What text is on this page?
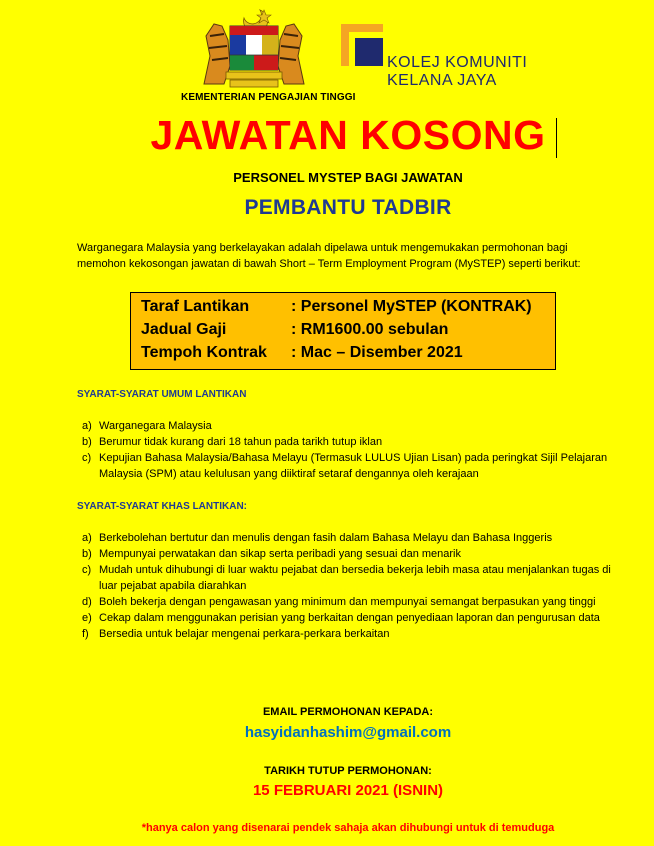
KEMENTERIAN PENGAJIAN TINGGI
KOLEJ KOMUNITI
KELANA JAYA
JAWATAN KOSONG
PERSONEL MYSTEP BAGI JAWATAN
PEMBANTU TADBIR
Warganegara Malaysia yang berkelayakan adalah dipelawa untuk mengemukakan permohonan bagi memohon kekosongan jawatan di bawah Short – Term Employment Program (MySTEP) seperti berikut:
Taraf Lantikan	: Personel MySTEP (KONTRAK)
Jadual Gaji	: RM1600.00 sebulan
Tempoh Kontrak : Mac – Disember 2021
SYARAT-SYARAT UMUM LANTIKAN
a) Warganegara Malaysia
b) Berumur tidak kurang dari 18 tahun pada tarikh tutup iklan
c) Kepujian Bahasa Malaysia/Bahasa Melayu (Termasuk LULUS Ujian Lisan) pada peringkat Sijil Pelajaran Malaysia (SPM) atau kelulusan yang diiktiraf setaraf dengannya oleh kerajaan
SYARAT-SYARAT KHAS LANTIKAN:
a) Berkebolehan bertutur dan menulis dengan fasih dalam Bahasa Melayu dan Bahasa Inggeris
b) Mempunyai perwatakan dan sikap serta peribadi yang sesuai dan menarik
c) Mudah untuk dihubungi di luar waktu pejabat dan bersedia bekerja lebih masa atau menjalankan tugas di luar pejabat apabila diarahkan
d) Boleh bekerja dengan pengawasan yang minimum dan mempunyai semangat berpasukan yang tinggi
e) Cekap dalam menggunakan perisian yang berkaitan dengan penyediaan laporan dan pengurusan data
f) Bersedia untuk belajar mengenai perkara-perkara berkaitan
EMAIL PERMOHONAN KEPADA:
hasyidanhashim@gmail.com
TARIKH TUTUP PERMOHONAN:
15 FEBRUARI 2021 (ISNIN)
*hanya calon yang disenarai pendek sahaja akan dihubungi untuk di temuduga
